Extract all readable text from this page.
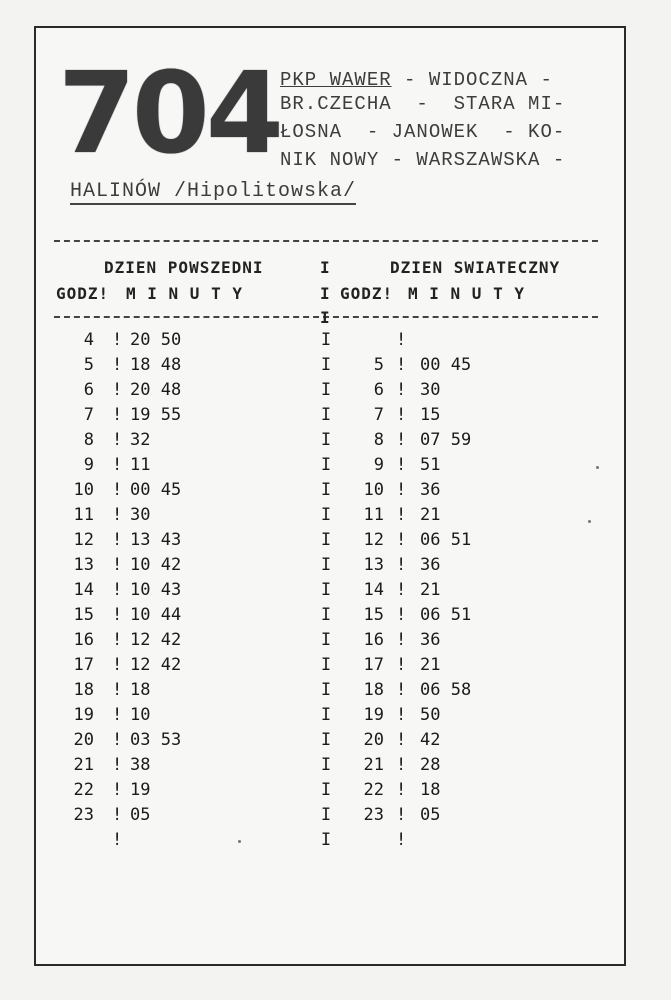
704 PKP WAWER - WIDOCZNA -
BR.CZECHA  -  STARA MI-
ŁOSNA  - JANOWEK  - KO-
NIK NOWY - WARSZAWSKA -
HALINÓW /Hipolitowska/
DZIEN POWSZEDNI	I	DZIEN SWIATECZNY
GODZ! M I N U T Y	I GODZ! M I N U T Y
I
4 ! 20 50	I	!
5 ! 18 48	I	5 ! 00 45
6 ! 20 48	I	6 ! 30
7 ! 19 55	I	7 ! 15
8 ! 32	I	8 ! 07 59
9 ! 11	I	9 ! 51
10 ! 00 45	I	10 ! 36
11 ! 30	I	11 ! 21
12 ! 13 43	I	12 ! 06 51
13 ! 10 42	I	13 ! 36
14 ! 10 43	I	14 ! 21
15 ! 10 44	I	15 ! 06 51
16 ! 12 42	I	16 ! 36
17 ! 12 42	I	17 ! 21
18 ! 18	I	18 ! 06 58
19 ! 10	I	19 ! 50
20 ! 03 53	I	20 ! 42
21 ! 38	I	21 ! 28
22 ! 19	I	22 ! 18
23 ! 05	I	23 ! 05
!	I	!
